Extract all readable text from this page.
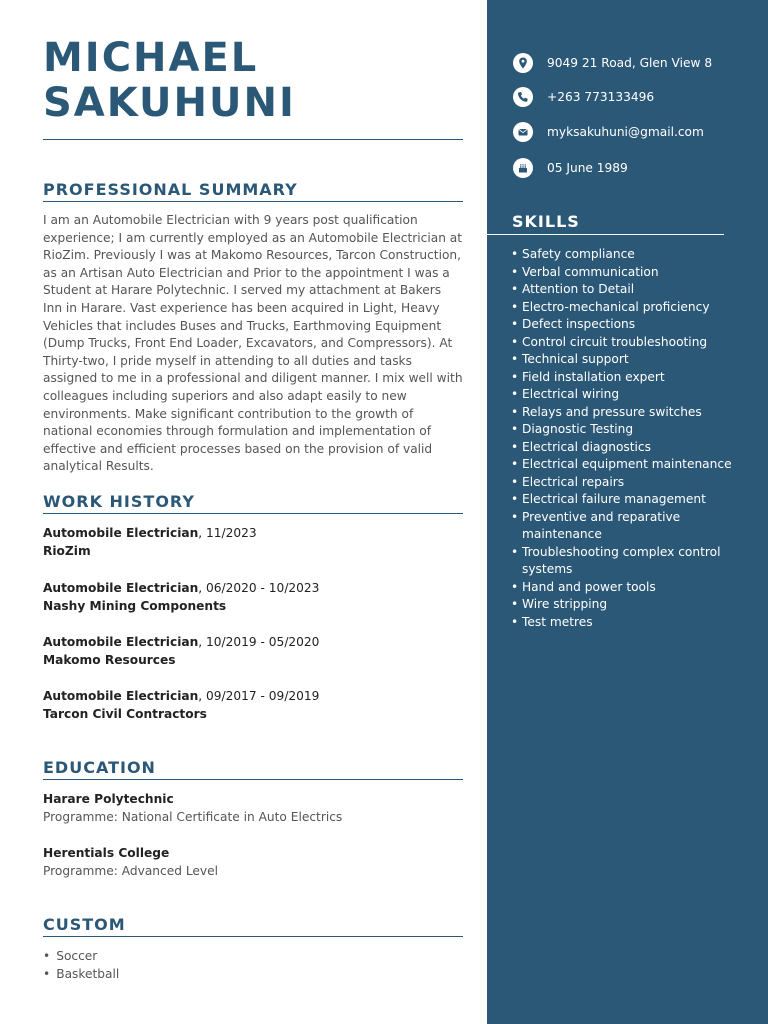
MICHAEL
SAKUHUNI
PROFESSIONAL SUMMARY

I am an Automobile Electrician with 9 years post qualification experience; I am currently employed as an Automobile Electrician at RioZim. Previously I was at Makomo Resources, Tarcon Construction, as an Artisan Auto Electrician and Prior to the appointment I was a Student at Harare Polytechnic. I served my attachment at Bakers Inn in Harare. Vast experience has been acquired in Light, Heavy Vehicles that includes Buses and Trucks, Earthmoving Equipment (Dump Trucks, Front End Loader, Excavators, and Compressors). At Thirty-two, I pride myself in attending to all duties and tasks assigned to me in a professional and diligent manner. I mix well with colleagues including superiors and also adapt easily to new environments. Make significant contribution to the growth of national economies through formulation and implementation of effective and efficient processes based on the provision of valid analytical Results.

WORK HISTORY
Automobile Electrician, 11/2023
RioZim
Automobile Electrician, 06/2020 - 10/2023
Nashy Mining Components
Automobile Electrician, 10/2019 - 05/2020
Makomo Resources
Automobile Electrician, 09/2017 - 09/2019
Tarcon Civil Contractors
EDUCATION
Harare Polytechnic
Programme: National Certificate in Auto Electrics
Herentials College
Programme: Advanced Level
CUSTOM
• Soccer
• Basketball
9049 21 Road, Glen View 8
+263 773133496
myksakuhuni@gmail.com
05 June 1989
SKILLS
• Safety compliance
• Verbal communication
• Attention to Detail
• Electro-mechanical proficiency
• Defect inspections
• Control circuit troubleshooting
• Technical support
• Field installation expert
• Electrical wiring
• Relays and pressure switches
• Diagnostic Testing
• Electrical diagnostics
• Electrical equipment maintenance
• Electrical repairs
• Electrical failure management
• Preventive and reparative maintenance
• Troubleshooting complex control systems
• Hand and power tools
• Wire stripping
• Test metres
